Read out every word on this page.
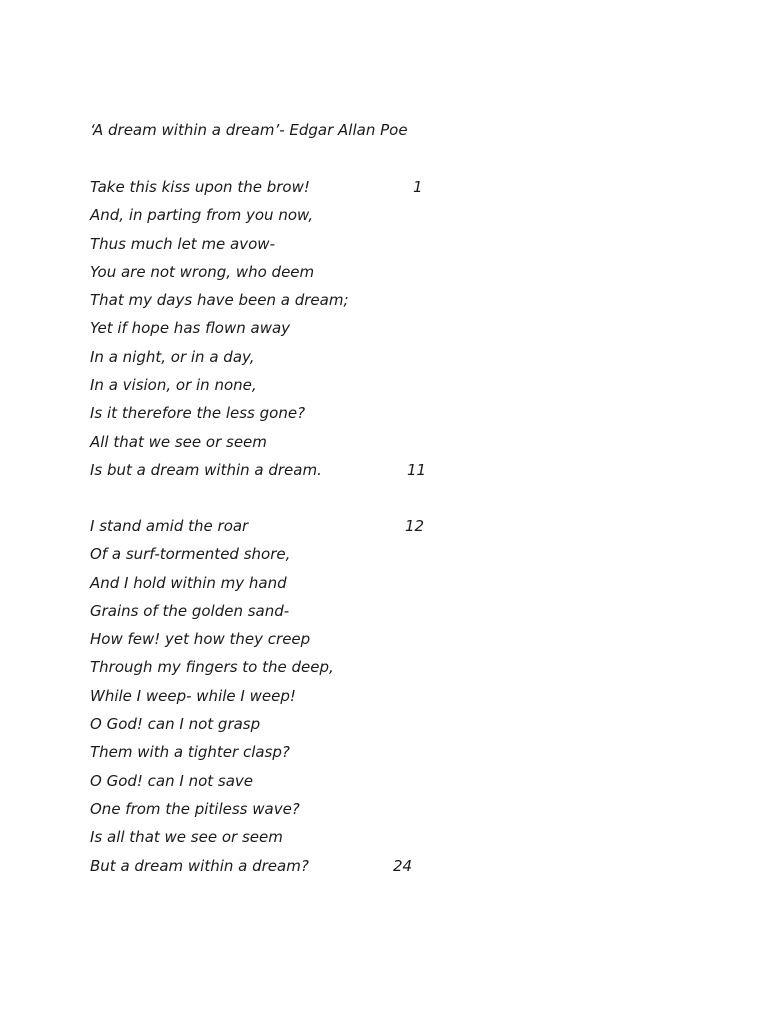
‘A dream within a dream’- Edgar Allan Poe
Take this kiss upon the brow!	1
And, in parting from you now,
Thus much let me avow-
You are not wrong, who deem
That my days have been a dream;
Yet if hope has flown away
In a night, or in a day,
In a vision, or in none,
Is it therefore the less gone?
All that we see or seem
Is but a dream within a dream.	11
I stand amid the roar	12
Of a surf-tormented shore,
And I hold within my hand
Grains of the golden sand-
How few! yet how they creep
Through my fingers to the deep,
While I weep- while I weep!
O God! can I not grasp
Them with a tighter clasp?
O God! can I not save
One from the pitiless wave?
Is all that we see or seem
But a dream within a dream?	24
